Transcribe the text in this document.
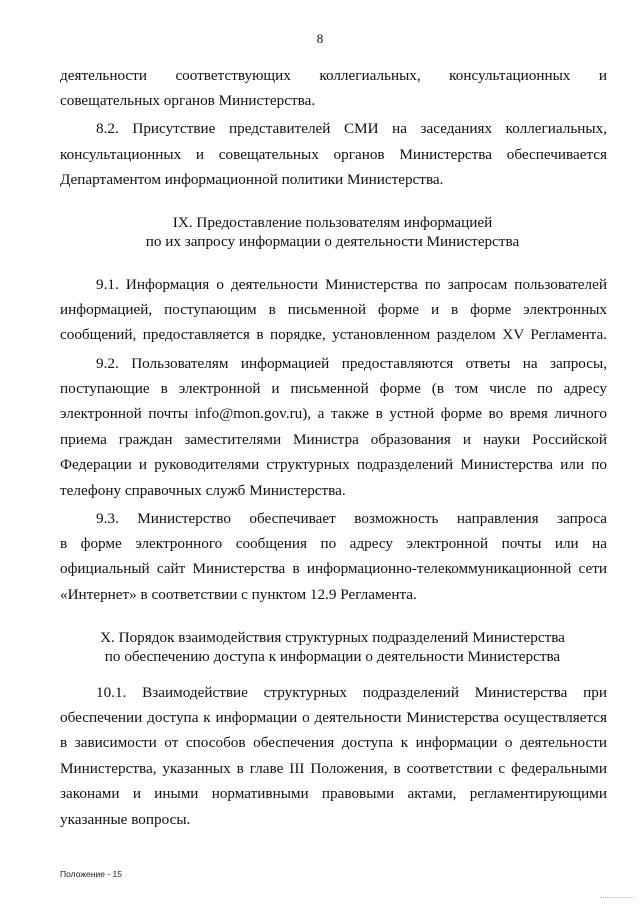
8
деятельности соответствующих коллегиальных, консультационных и
совещательных органов Министерства.
8.2. Присутствие представителей СМИ на заседаниях коллегиальных,
консультационных и совещательных органов Министерства обеспечивается
Департаментом информационной политики Министерства.
IX. Предоставление пользователям информацией
по их запросу информации о деятельности Министерства
9.1. Информация о деятельности Министерства по запросам пользователей
информацией, поступающим в письменной форме и в форме электронных
сообщений, предоставляется в порядке, установленном разделом XV Регламента.
9.2. Пользователям информацией предоставляются ответы на запросы,
поступающие в электронной и письменной форме (в том числе по адресу
электронной почты info@mon.gov.ru), а также в устной форме во время личного
приема граждан заместителями Министра образования и науки Российской
Федерации и руководителями структурных подразделений Министерства или по
телефону справочных служб Министерства.
9.3. Министерство обеспечивает возможность направления запроса
в форме электронного сообщения по адресу электронной почты или на
официальный сайт Министерства в информационно-телекоммуникационной сети
«Интернет» в соответствии с пунктом 12.9 Регламента.
X. Порядок взаимодействия структурных подразделений Министерства
по обеспечению доступа к информации о деятельности Министерства
10.1. Взаимодействие структурных подразделений Министерства при
обеспечении доступа к информации о деятельности Министерства осуществляется
в зависимости от способов обеспечения доступа к информации о деятельности
Министерства, указанных в главе III Положения, в соответствии с федеральными
законами и иными нормативными правовыми актами, регламентирующими
указанные вопросы.
Положение - 15
